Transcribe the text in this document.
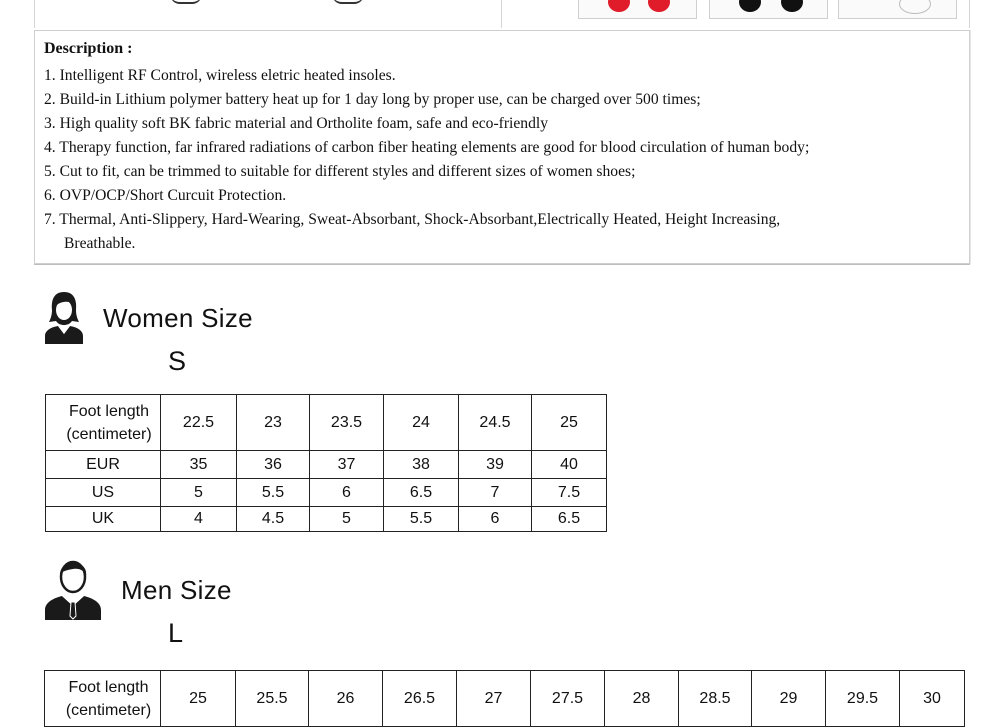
Description :
1. Intelligent RF Control, wireless eletric heated insoles.
2. Build-in Lithium polymer battery heat up for 1 day long by proper use, can be charged over 500 times;
3. High quality soft BK fabric material and Ortholite foam, safe and eco-friendly
4. Therapy function, far infrared radiations of carbon fiber heating elements are good for blood circulation of human body;
5. Cut to fit, can be trimmed to suitable for different styles and different sizes of women shoes;
6. OVP/OCP/Short Curcuit Protection.
7. Thermal, Anti-Slippery, Hard-Wearing, Sweat-Absorbant, Shock-Absorbant,Electrically Heated, Height Increasing,
Breathable.
Women Size
S
Foot length
(centimeter)	22.5	23	23.5	24	24.5	25
EUR	35	36	37	38	39	40
US	5	5.5	6	6.5	7	7.5
UK	4	4.5	5	5.5	6	6.5
Men Size
L
Foot length
(centimeter)
	25	25.5	26	26.5	27	27.5	28	28.5	29	29.5	30
